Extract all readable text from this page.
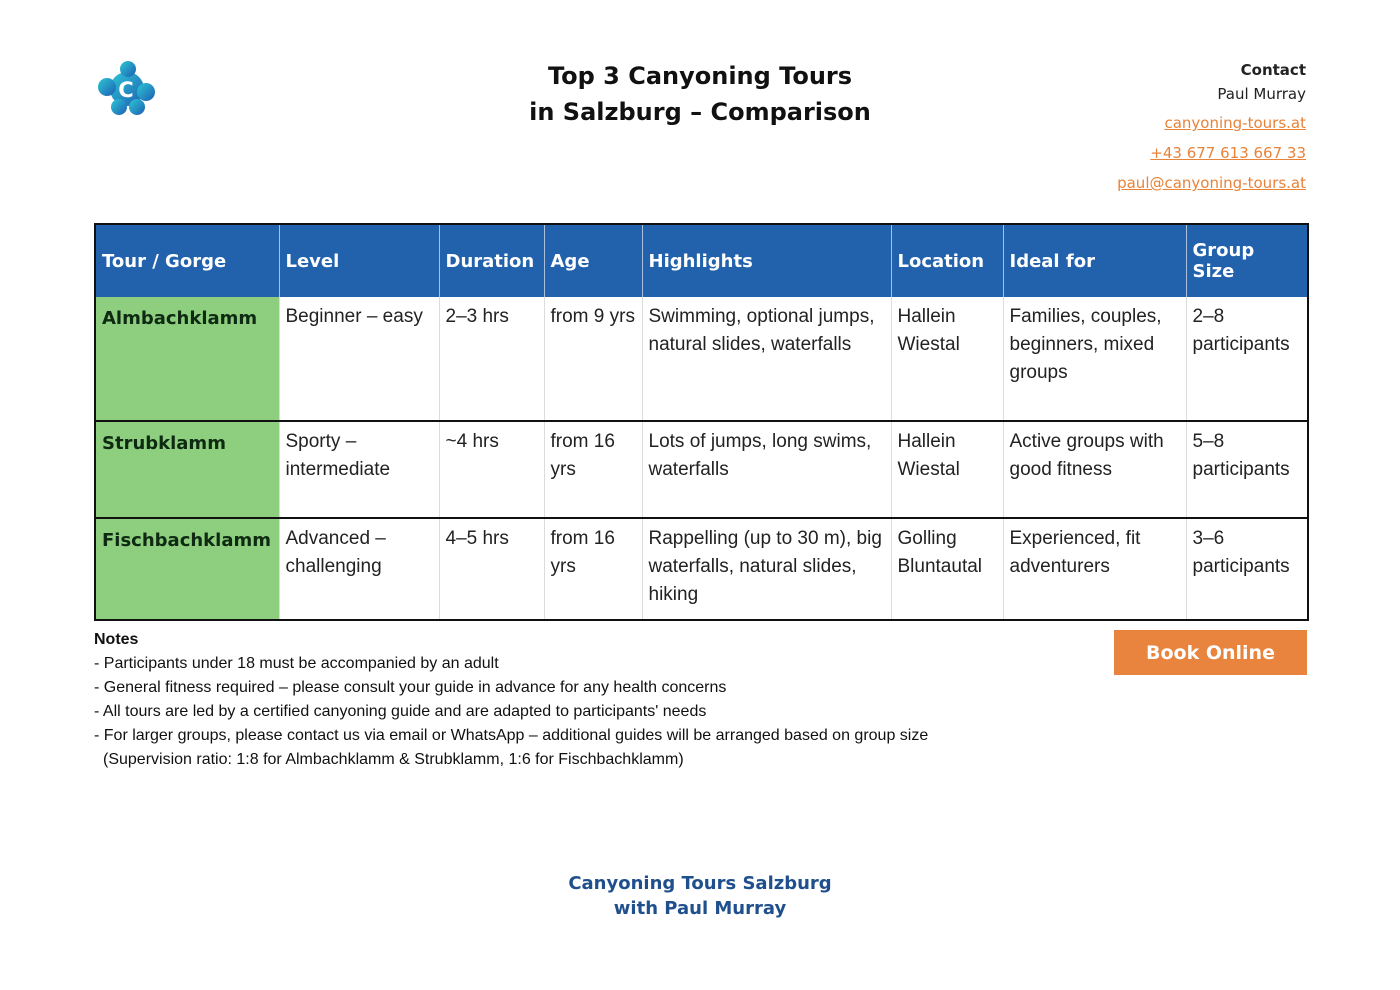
C	Top 3 Canyoning Tours
in Salzburg – Comparison
Contact
Paul Murray
canyoning-tours.at
+43 677 613 667 33
paul@canyoning-tours.at
Tour / Gorge	Level	Duration	Age	Highlights	Location	Ideal for	Group Size
Almbachklamm	Beginner – easy	2–3 hrs	from 9 yrs	Swimming, optional jumps, natural slides, waterfalls	Hallein Wiestal	Families, couples, beginners, mixed groups	2–8 participants
Strubklamm	Sporty – intermediate	~4 hrs	from 16 yrs	Lots of jumps, long swims, waterfalls	Hallein Wiestal	Active groups with good fitness	5–8 participants
Fischbachklamm	Advanced – challenging	4–5 hrs	from 16 yrs	Rappelling (up to 30 m), big waterfalls, natural slides, hiking	Golling Bluntautal	Experienced, fit adventurers	3–6 participants
Notes
- Participants under 18 must be accompanied by an adult
- General fitness required – please consult your guide in advance for any health concerns
- All tours are led by a certified canyoning guide and are adapted to participants' needs
- For larger groups, please contact us via email or WhatsApp – additional guides will be arranged based on group size
(Supervision ratio: 1:8 for Almbachklamm & Strubklamm, 1:6 for Fischbachklamm)
Book Online
Canyoning Tours Salzburg
with Paul Murray
